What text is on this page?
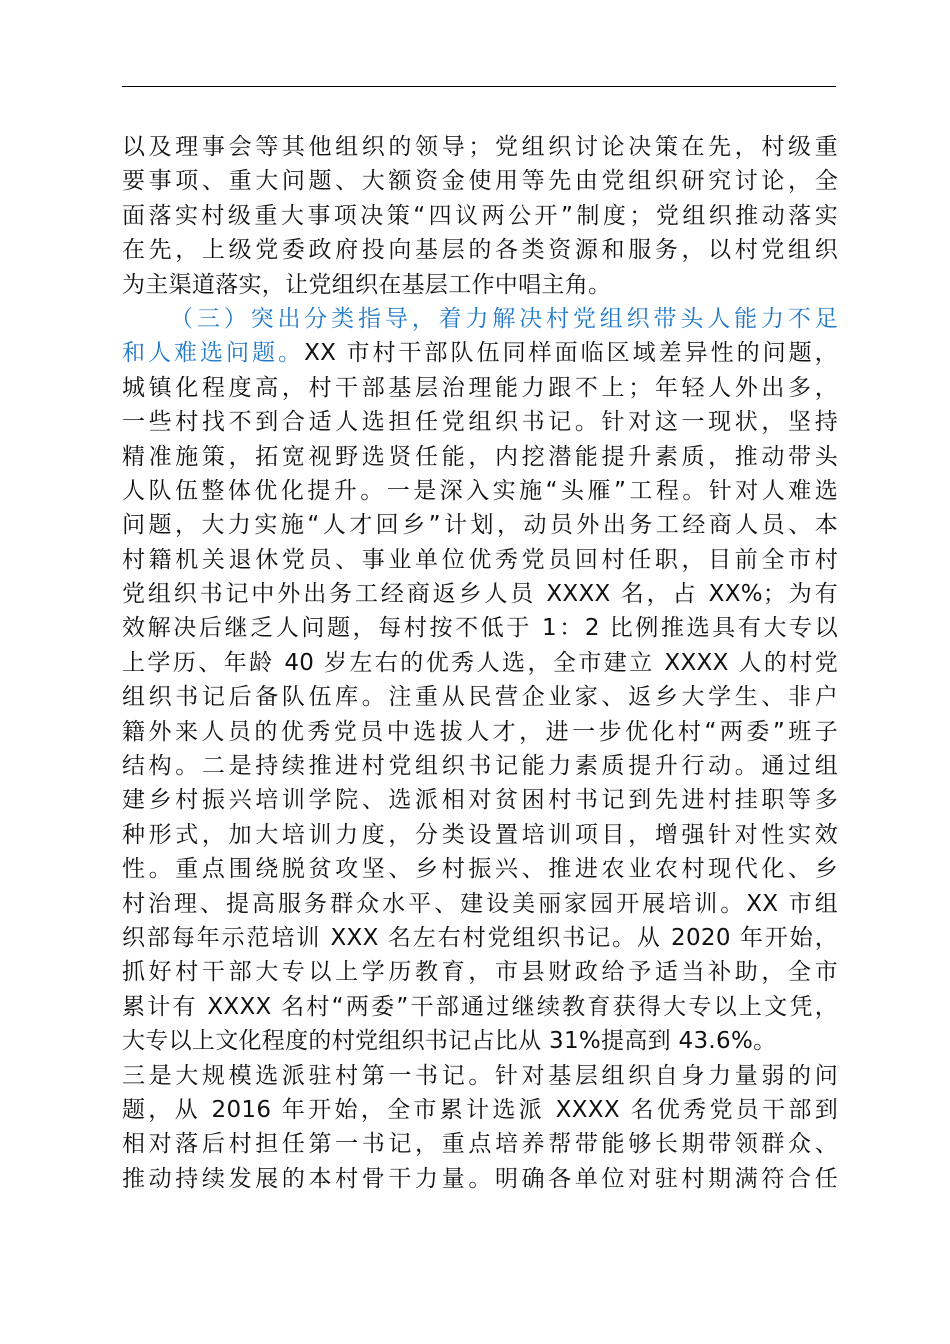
以及理事会等其他组织的领导；党组织讨论决策在先，村级重
要事项、重大问题、大额资金使用等先由党组织研究讨论，全
面落实村级重大事项决策“四议两公开”制度；党组织推动落实
在先，上级党委政府投向基层的各类资源和服务，以村党组织
为主渠道落实，让党组织在基层工作中唱主角。
（三）突出分类指导，着力解决村党组织带头人能力不足
和人难选问题。XX 市村干部队伍同样面临区域差异性的问题，
城镇化程度高，村干部基层治理能力跟不上；年轻人外出多，
一些村找不到合适人选担任党组织书记。针对这一现状，坚持
精准施策，拓宽视野选贤任能，内挖潜能提升素质，推动带头
人队伍整体优化提升。一是深入实施“头雁”工程。针对人难选
问题，大力实施“人才回乡”计划，动员外出务工经商人员、本
村籍机关退休党员、事业单位优秀党员回村任职，目前全市村
党组织书记中外出务工经商返乡人员 XXXX 名，占 XX%；为有
效解决后继乏人问题，每村按不低于 1：2 比例推选具有大专以
上学历、年龄 40 岁左右的优秀人选，全市建立 XXXX 人的村党
组织书记后备队伍库。注重从民营企业家、返乡大学生、非户
籍外来人员的优秀党员中选拔人才，进一步优化村“两委”班子
结构。二是持续推进村党组织书记能力素质提升行动。通过组
建乡村振兴培训学院、选派相对贫困村书记到先进村挂职等多
种形式，加大培训力度，分类设置培训项目，增强针对性实效
性。重点围绕脱贫攻坚、乡村振兴、推进农业农村现代化、乡
村治理、提高服务群众水平、建设美丽家园开展培训。XX 市组
织部每年示范培训 XXX 名左右村党组织书记。从 2020 年开始，
抓好村干部大专以上学历教育，市县财政给予适当补助，全市
累计有 XXXX 名村“两委”干部通过继续教育获得大专以上文凭，
大专以上文化程度的村党组织书记占比从 31%提高到 43.6%。
三是大规模选派驻村第一书记。针对基层组织自身力量弱的问
题，从 2016 年开始，全市累计选派 XXXX 名优秀党员干部到
相对落后村担任第一书记，重点培养帮带能够长期带领群众、
推动持续发展的本村骨干力量。明确各单位对驻村期满符合任
